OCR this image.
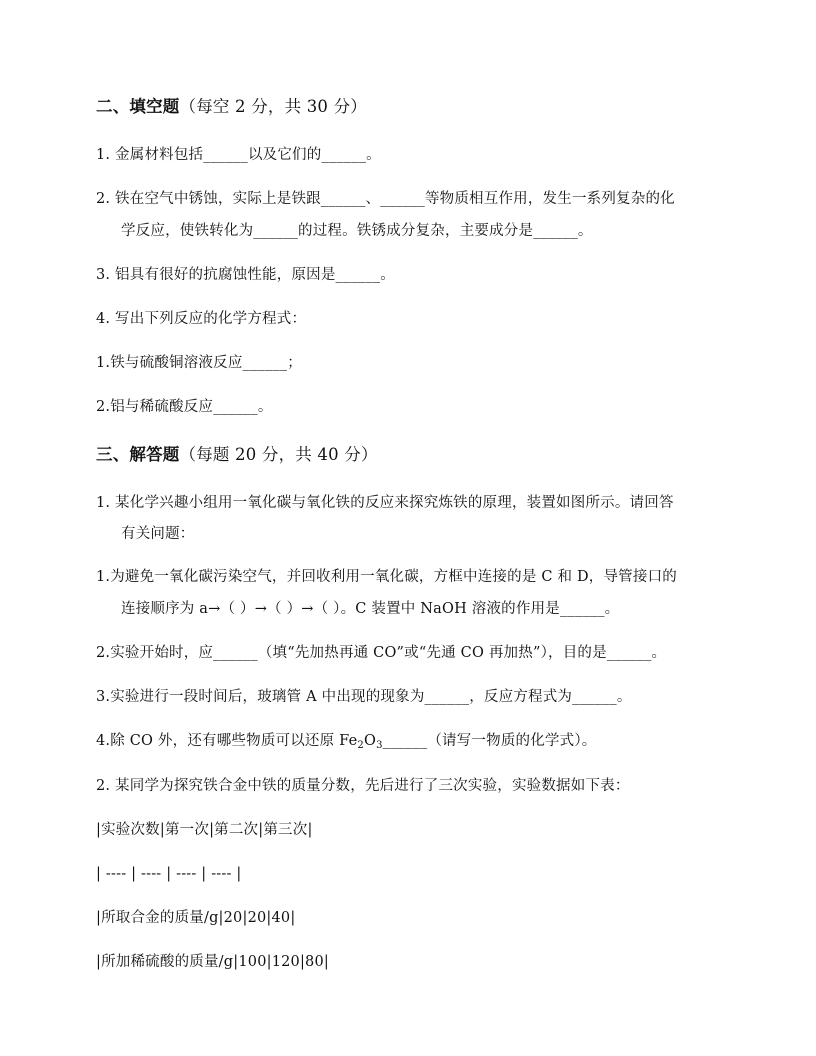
二、填空题（每空 2 分，共 30 分）
1. 金属材料包括______以及它们的______。
2. 铁在空气中锈蚀，实际上是铁跟______、______等物质相互作用，发生一系列复杂的化
学反应，使铁转化为______的过程。铁锈成分复杂，主要成分是______。
3. 铝具有很好的抗腐蚀性能，原因是______。
4. 写出下列反应的化学方程式：
1.铁与硫酸铜溶液反应______；
2.铝与稀硫酸反应______。
三、解答题（每题 20 分，共 40 分）
1. 某化学兴趣小组用一氧化碳与氧化铁的反应来探究炼铁的原理，装置如图所示。请回答
有关问题：
1.为避免一氧化碳污染空气，并回收利用一氧化碳，方框中连接的是 C 和 D，导管接口的
连接顺序为 a→（ ）→（ ）→（ ）。C 装置中 NaOH 溶液的作用是______。
2.实验开始时，应______（填“先加热再通 CO”或“先通 CO 再加热”），目的是______。
3.实验进行一段时间后，玻璃管 A 中出现的现象为______，反应方程式为______。
4.除 CO 外，还有哪些物质可以还原 $Fe_2O_3\_\_\_\_\_\_$（请写一物质的化学式）。
2. 某同学为探究铁合金中铁的质量分数，先后进行了三次实验，实验数据如下表：
|实验次数|第一次|第二次|第三次|
| ---- | ---- | ---- | ---- |
|所取合金的质量/g|20|20|40|
|所加稀硫酸的质量/g|100|120|80|
